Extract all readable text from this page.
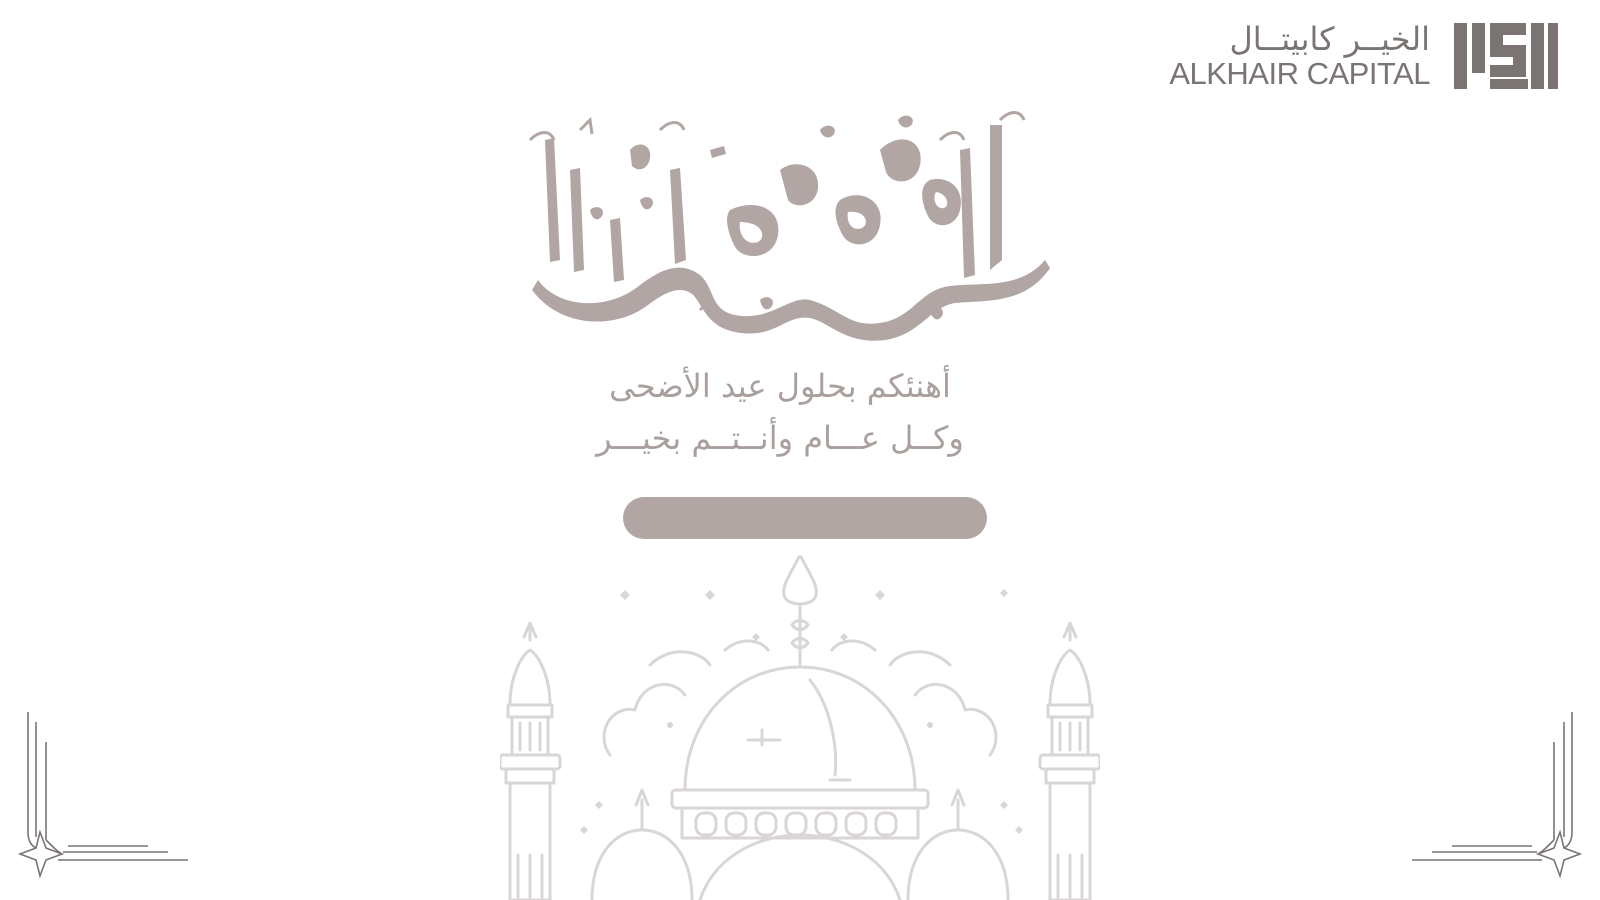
الخيــر كابيتــال
ALKHAIR CAPITAL
أهنئكم بحلول عيد الأضحى
وكــل عـــام وأنــتــم بخيـــر
